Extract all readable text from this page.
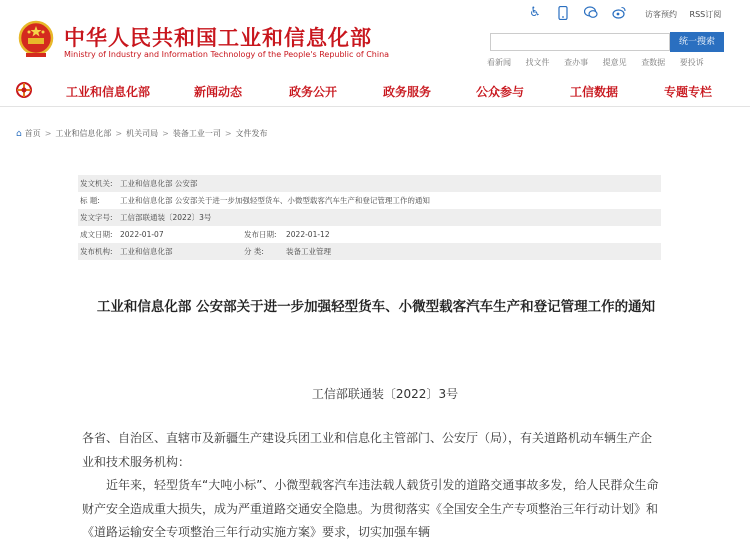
中华人民共和国工业和信息化部
Ministry of Industry and Information Technology of the People's Republic of China
♿	访客预约 RSS订阅
统一搜索
看新闻 找文件 查办事 提意见 查数据 要投诉
工业和信息化部	新闻动态	政务公开	政务服务	公众参与	工信数据	专题专栏
⌂ 首页 > 工业和信息化部 > 机关司局 > 装备工业一司 > 文件发布
发文机关: 工业和信息化部 公安部
标 题:	工业和信息化部 公安部关于进一步加强轻型货车、小微型载客汽车生产和登记管理工作的通知
发文字号: 工信部联通装〔2022〕3号
成文日期: 2022-01-07	发布日期: 2022-01-12
发布机构: 工业和信息化部	分 类:	装备工业管理
工业和信息化部 公安部关于进一步加强轻型货车、小微型载客汽车生产和登记管理工作的通知
工信部联通装〔2022〕3号

各省、自治区、直辖市及新疆生产建设兵团工业和信息化主管部门、公安厅（局），有关道路机动车辆生产企业和技术服务机构：

近年来，轻型货车“大吨小标”、小微型载客汽车违法载人载货引发的道路交通事故多发，给人民群众生命财产安全造成重大损失，成为严重道路交通安全隐患。为贯彻落实《全国安全生产专项整治三年行动计划》和《道路运输安全专项整治三年行动实施方案》要求，切实加强车辆
